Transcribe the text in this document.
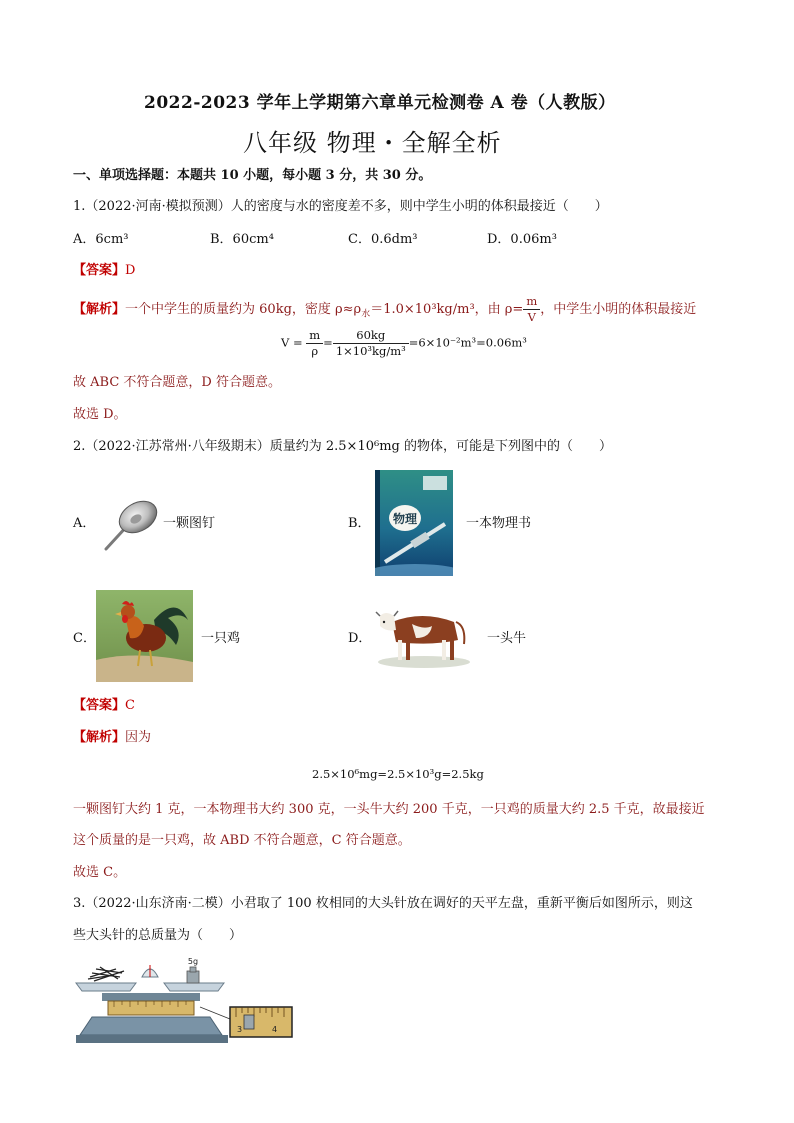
2022-2023 学年上学期第六章单元检测卷 A 卷（人教版）
八年级 物理・全解全析
一、单项选择题：本题共 10 小题，每小题 3 分，共 30 分。
1.（2022·河南·模拟预测）人的密度与水的密度差不多，则中学生小明的体积最接近（　　）
A．6cm³	B．60cm⁴	C．0.6dm³	D．0.06m³
【答案】D
【解析】一个中学生的质量约为 60kg，密度 $\rho\approx\rho_水=1.0\times 10^3kg/m^3$，由 $\rho= \frac{m}{V}$ ，中学生小明的体积最接近
$V = \frac{m}{\rho} = \frac{60kg}{\text{1×10³kg/m³}} =6\times 10^{-2}m^3=0.06m^3$
故 ABC 不符合题意，D 符合题意。
故选 D。
2.（2022·江苏常州·八年级期末）质量约为 2.5×10⁶mg 的物体，可能是下列图中的（　　）
A．	一颗图钉	B． 物理	一本物理书
C．	一只鸡	D．	一头牛
【答案】C
【解析】因为
2.5×10⁶mg=2.5×10³g=2.5kg
一颗图钉大约 1 克，一本物理书大约 300 克，一头牛大约 200 千克，一只鸡的质量大约 2.5 千克，故最接近
这个质量的是一只鸡，故 ABD 不符合题意，C 符合题意。
故选 C。
3.（2022·山东济南·二模）小君取了 100 枚相同的大头针放在调好的天平左盘，重新平衡后如图所示，则这
些大头针的总质量为（　　）
5g
3	4
